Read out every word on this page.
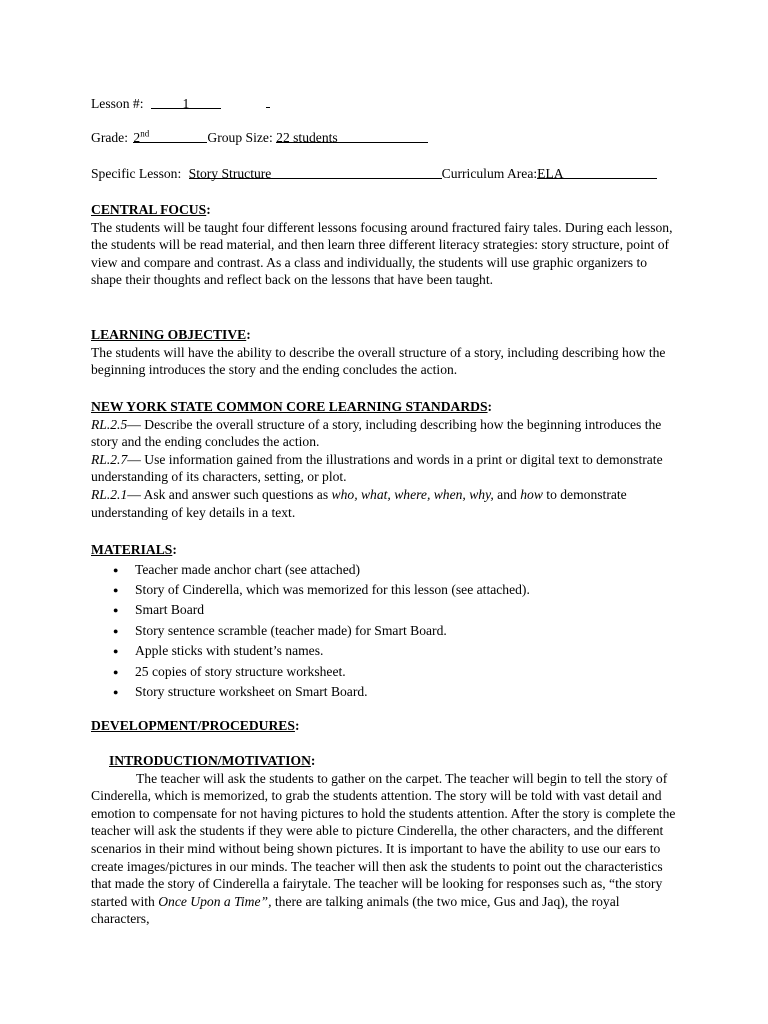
Lesson #:	1
Grade: 2nd	Group Size: 22 students
Specific Lesson: Story Structure	Curriculum Area:ELA

CENTRAL FOCUS:

The students will be taught four different lessons focusing around fractured fairy tales. During each lesson, the students will be read material, and then learn three different literacy strategies: story structure, point of view and compare and contrast. As a class and individually, the students will use graphic organizers to shape their thoughts and reflect back on the lessons that have been taught.

LEARNING OBJECTIVE:

The students will have the ability to describe the overall structure of a story, including describing how the beginning introduces the story and the ending concludes the action.

NEW YORK STATE COMMON CORE LEARNING STANDARDS:

RL.2.5— Describe the overall structure of a story, including describing how the beginning introduces the story and the ending concludes the action.

RL.2.7— Use information gained from the illustrations and words in a print or digital text to demonstrate understanding of its characters, setting, or plot.

RL.2.1— Ask and answer such questions as who, what, where, when, why, and how to demonstrate understanding of key details in a text.

MATERIALS:

● Teacher made anchor chart (see attached)
● Story of Cinderella, which was memorized for this lesson (see attached).
● Smart Board
● Story sentence scramble (teacher made) for Smart Board.
● Apple sticks with student’s names.
● 25 copies of story structure worksheet.
● Story structure worksheet on Smart Board.

DEVELOPMENT/PROCEDURES:

INTRODUCTION/MOTIVATION:

The teacher will ask the students to gather on the carpet. The teacher will begin to tell the story of Cinderella, which is memorized, to grab the students attention. The story will be told with vast detail and emotion to compensate for not having pictures to hold the students attention. After the story is complete the teacher will ask the students if they were able to picture Cinderella, the other characters, and the different scenarios in their mind without being shown pictures. It is important to have the ability to use our ears to create images/pictures in our minds. The teacher will then ask the students to point out the characteristics that made the story of Cinderella a fairytale. The teacher will be looking for responses such as, “the story started with Once Upon a Time”, there are talking animals (the two mice, Gus and Jaq), the royal characters,
